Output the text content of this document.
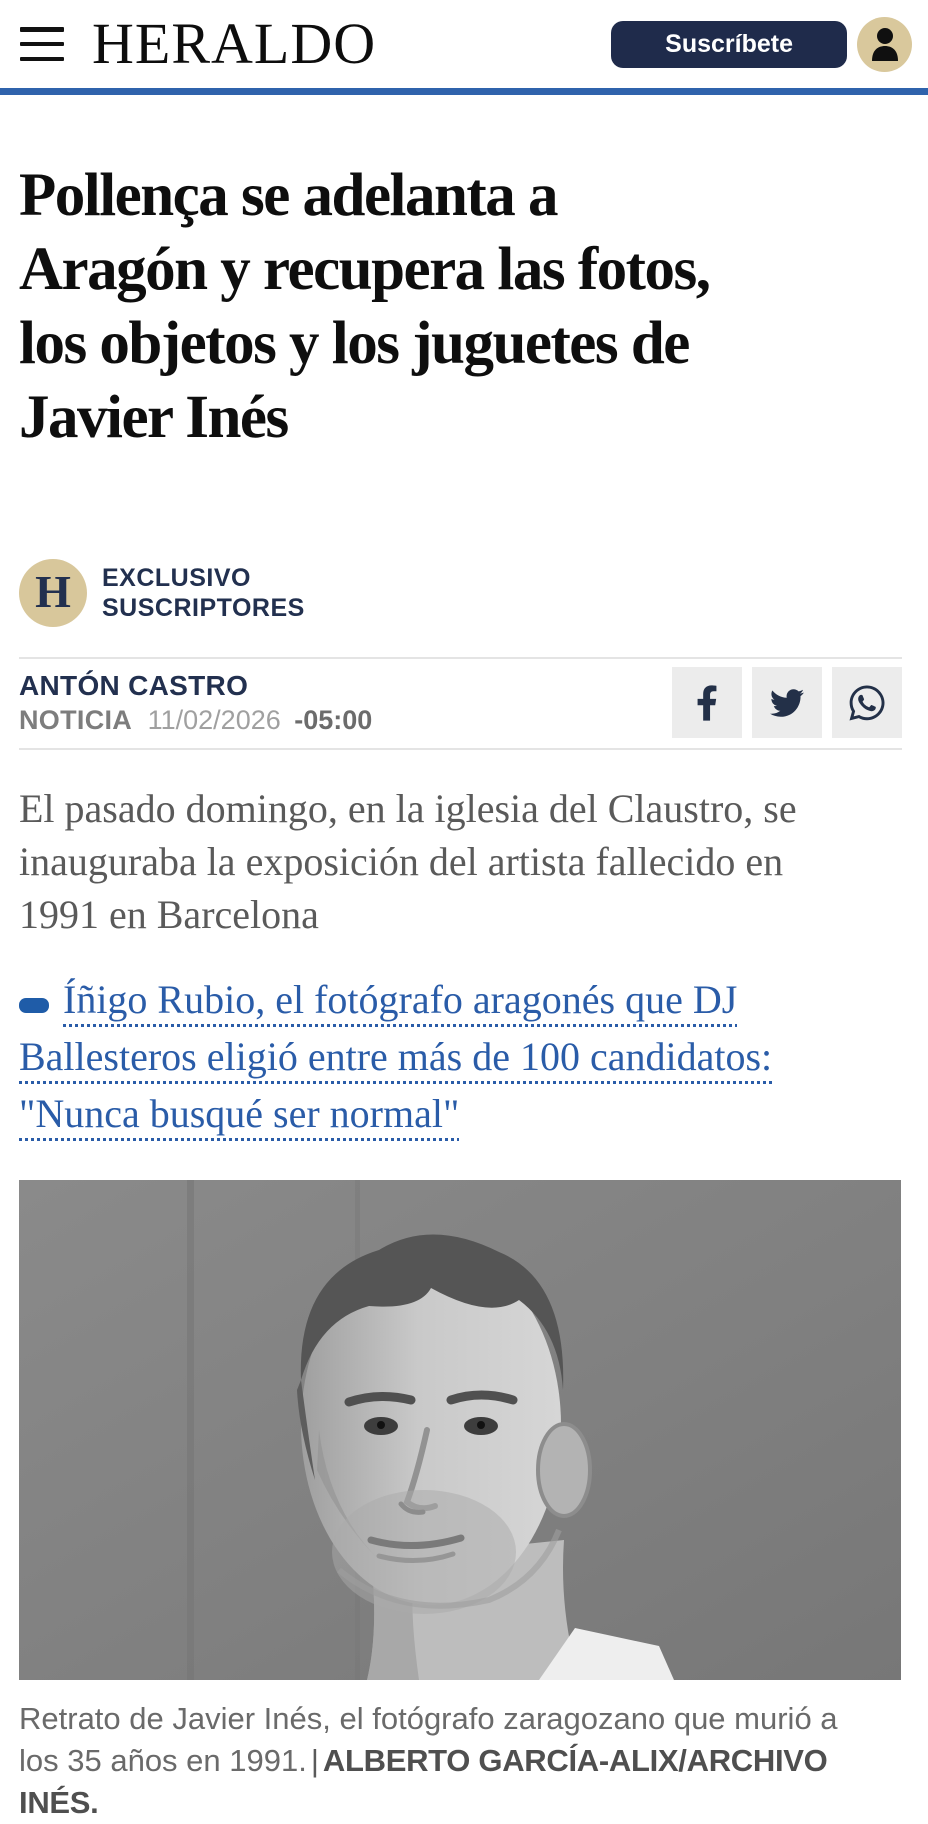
HERALDO	Suscríbete
Pollença se adelanta a Aragón y recupera las fotos, los objetos y los juguetes de Javier Inés
H	EXCLUSIVO
SUSCRIPTORES
ANTÓN CASTRO
NOTICIA 11/02/2026 -05:00

El pasado domingo, en la iglesia del Claustro, se inauguraba la exposición del artista fallecido en 1991 en Barcelona

Íñigo Rubio, el fotógrafo aragonés que DJ Ballesteros eligió entre más de 100 candidatos: "Nunca busqué ser normal"

Retrato de Javier Inés, el fotógrafo zaragozano que murió a los 35 años en 1991. | ALBERTO GARCÍA-ALIX/ARCHIVO INÉS.
